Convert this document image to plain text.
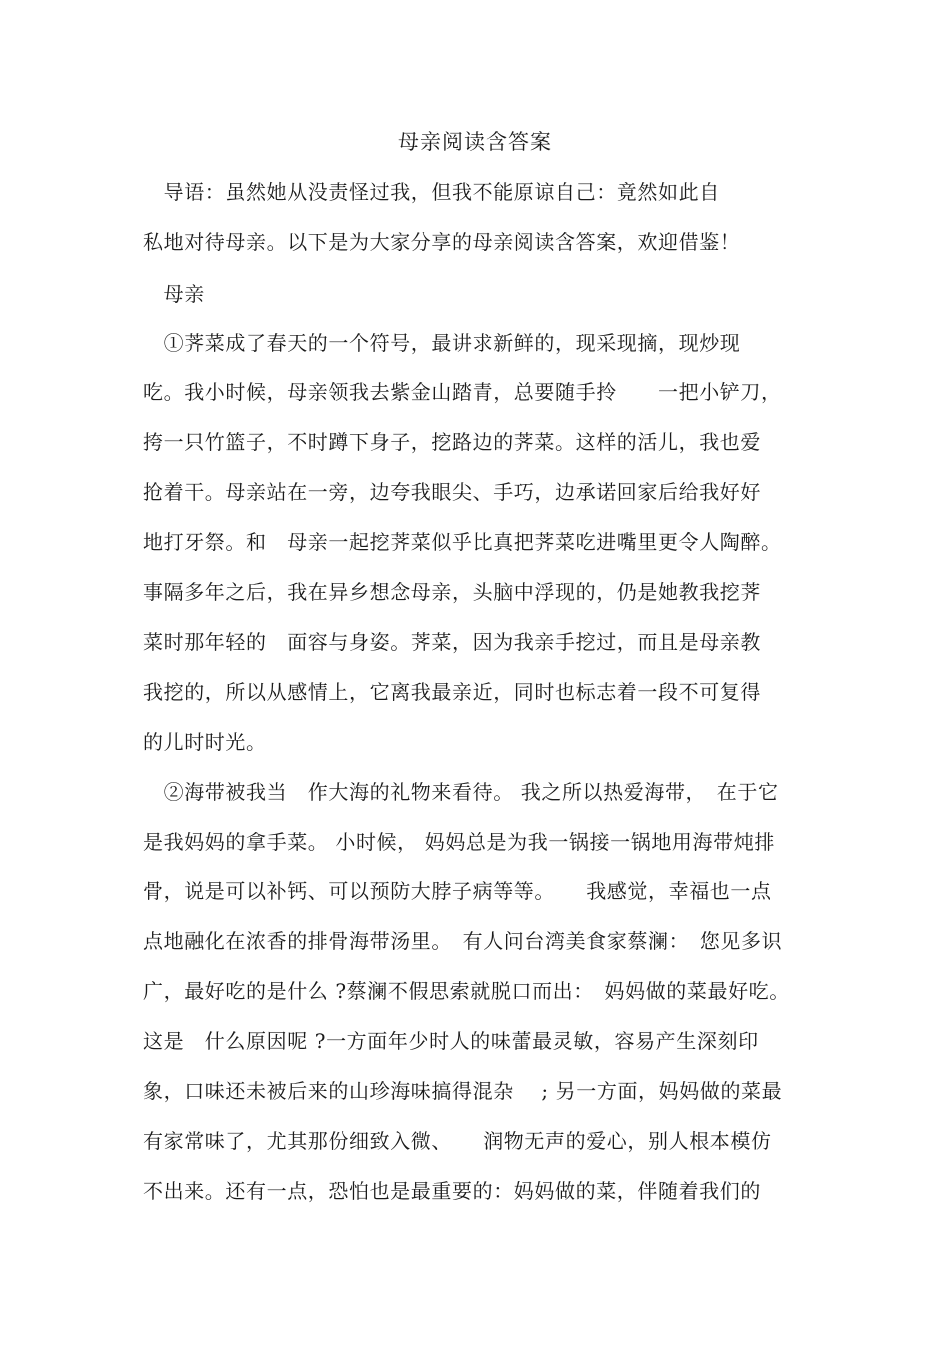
母亲阅读含答案
　导语：虽然她从没责怪过我，但我不能原谅自己：竟然如此自
私地对待母亲。以下是为大家分享的母亲阅读含答案，欢迎借鉴！
　母亲
　①荠菜成了春天的一个符号，最讲求新鲜的，现采现摘，现炒现
吃。我小时候，母亲领我去紫金山踏青，总要随手拎　　一把小铲刀，
挎一只竹篮子，不时蹲下身子，挖路边的荠菜。这样的活儿，我也爱
抢着干。母亲站在一旁，边夸我眼尖、手巧，边承诺回家后给我好好
地打牙祭。和　母亲一起挖荠菜似乎比真把荠菜吃进嘴里更令人陶醉。
事隔多年之后，我在异乡想念母亲，头脑中浮现的，仍是她教我挖荠
菜时那年轻的　面容与身姿。荠菜，因为我亲手挖过，而且是母亲教
我挖的，所以从感情上，它离我最亲近，同时也标志着一段不可复得
的儿时时光。
　②海带被我当　作大海的礼物来看待。 我之所以热爱海带，　在于它
是我妈妈的拿手菜。 小时候， 妈妈总是为我一锅接一锅地用海带炖排
骨，说是可以补钙、可以预防大脖子病等等。　　我感觉，幸福也一点
点地融化在浓香的排骨海带汤里。　有人问台湾美食家蔡澜：　您见多识
广，最好吃的是什么 ?蔡澜不假思索就脱口而出：　妈妈做的菜最好吃。
这是　什么原因呢 ?一方面年少时人的味蕾最灵敏，容易产生深刻印
象，口味还未被后来的山珍海味搞得混杂　 ; 另一方面，妈妈做的菜最
有家常味了，尤其那份细致入微、　　润物无声的爱心，别人根本模仿
不出来。还有一点，恐怕也是最重要的：妈妈做的菜，伴随着我们的
